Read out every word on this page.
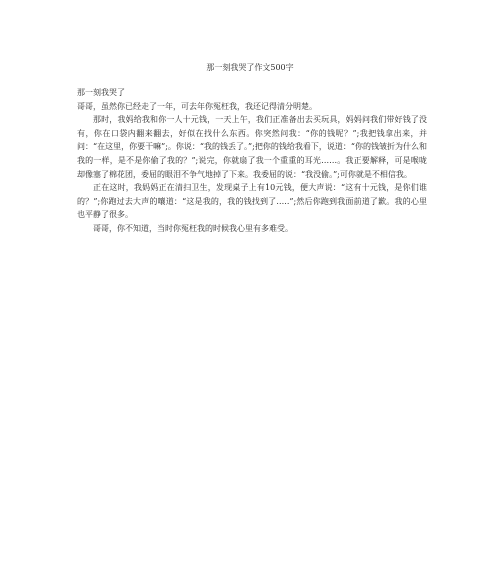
那一刻我哭了作文500字

那一刻我哭了

哥哥，虽然你已经走了一年，可去年你冤枉我，我还记得清分明楚。

那时，我妈给我和你一人十元钱，一天上午，我们正准备出去买玩具，妈妈问我们带好钱了没有，你在口袋内翻来翻去，好似在找什么东西。你突然问我：“你的钱呢？”;我把钱拿出来，并问：“在这里，你要干嘛”;。你说：“我的钱丢了。”;把你的钱给我看下，说道：“你的钱皱折为什么和我的一样，是不是你偷了我的？”;说完，你就扇了我一个重重的耳光……。我正要解释，可是喉咙却像塞了棉花团，委屈的眼泪不争气地掉了下来。我委屈的说：“我没偷。”;可你就是不相信我。

正在这时，我妈妈正在清扫卫生，发现桌子上有10元钱，便大声说：“这有十元钱，是你们谁的？”;你跑过去大声的嚷道：“这是我的，我的钱找到了…..”;然后你跑到我面前道了歉。我的心里也平静了很多。

哥哥，你不知道，当时你冤枉我的时候我心里有多难受。
